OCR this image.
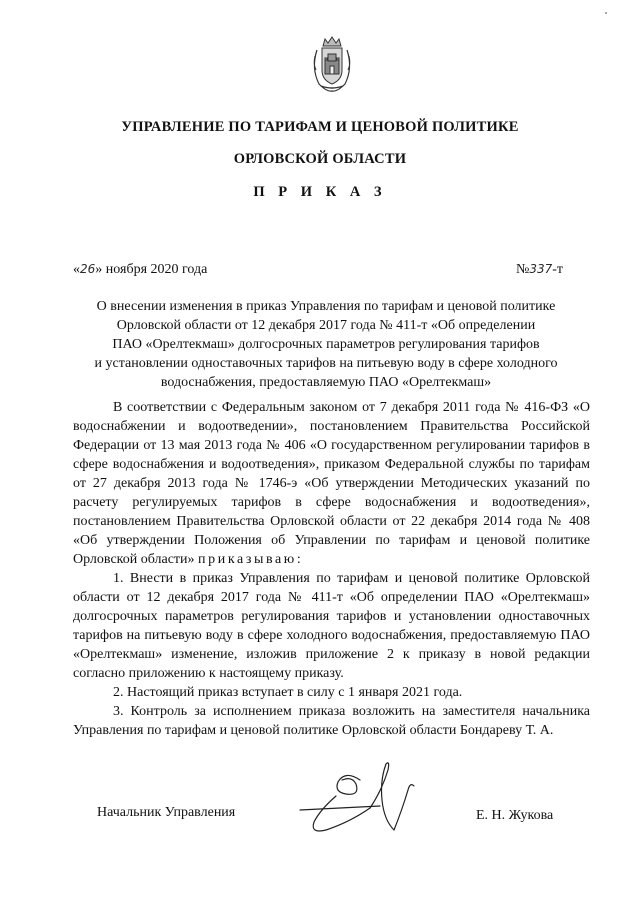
УПРАВЛЕНИЕ ПО ТАРИФАМ И ЦЕНОВОЙ ПОЛИТИКЕ
ОРЛОВСКОЙ ОБЛАСТИ
П Р И К А З
«26» ноября 2020 года	№337-т
О внесении изменения в приказ Управления по тарифам и ценовой политике
Орловской области от 12 декабря 2017 года № 411-т «Об определении
ПАО «Орелтекмаш» долгосрочных параметров регулирования тарифов
и установлении одноставочных тарифов на питьевую воду в сфере холодного
водоснабжения, предоставляемую ПАО «Орелтекмаш»

В соответствии с Федеральным законом от 7 декабря 2011 года № 416-ФЗ «О водоснабжении и водоотведении», постановлением Правительства Российской Федерации от 13 мая 2013 года № 406 «О государственном регулировании тарифов в сфере водоснабжения и водоотведения», приказом Федеральной службы по тарифам от 27 декабря 2013 года № 1746-э «Об утверждении Методических указаний по расчету регулируемых тарифов в сфере водоснабжения и водоотведения», постановлением Правительства Орловской области от 22 декабря 2014 года № 408 «Об утверждении Положения об Управлении по тарифам и ценовой политике Орловской области» приказываю:

1. Внести в приказ Управления по тарифам и ценовой политике Орловской области от 12 декабря 2017 года № 411-т «Об определении ПАО «Орелтекмаш» долгосрочных параметров регулирования тарифов и установлении одноставочных тарифов на питьевую воду в сфере холодного водоснабжения, предоставляемую ПАО «Орелтекмаш» изменение, изложив приложение 2 к приказу в новой редакции согласно приложению к настоящему приказу.

2. Настоящий приказ вступает в силу с 1 января 2021 года.

3. Контроль за исполнением приказа возложить на заместителя начальника Управления по тарифам и ценовой политике Орловской области Бондареву Т. А.

Начальник Управления	Е. Н. Жукова
